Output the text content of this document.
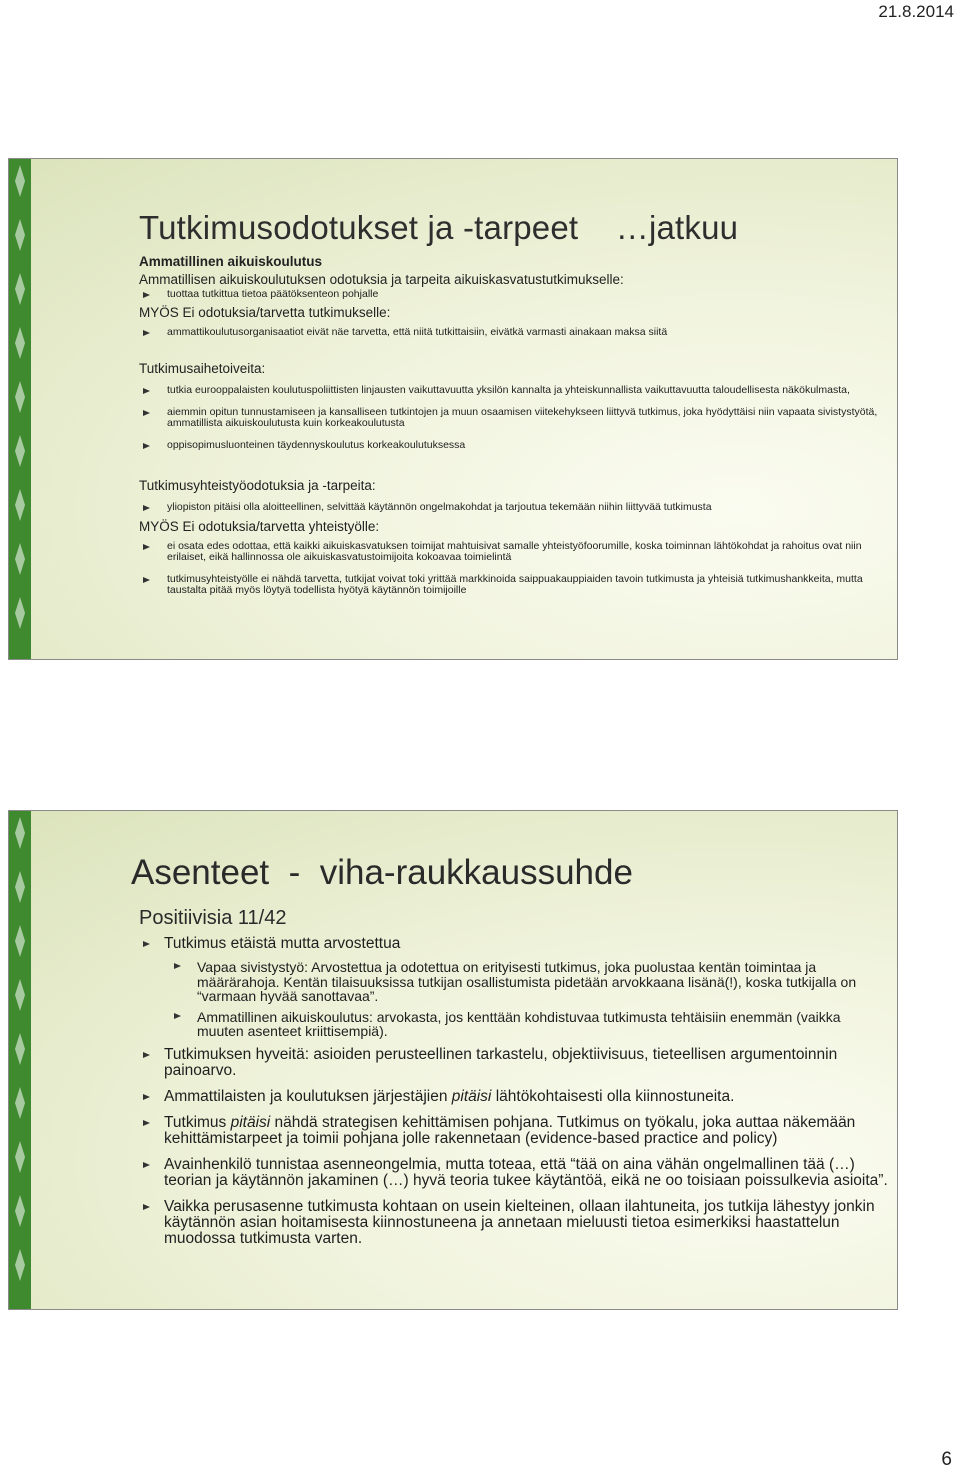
21.8.2014
Tutkimusodotukset ja -tarpeet    …jatkuu

Ammatillinen aikuiskoulutus

Ammatillisen aikuiskoulutuksen odotuksia ja tarpeita aikuiskasvatustutkimukselle:

tuottaa tutkittua tietoa päätöksenteon pohjalle

MYÖS Ei odotuksia/tarvetta tutkimukselle:

ammattikoulutusorganisaatiot eivät näe tarvetta, että niitä tutkittaisiin, eivätkä varmasti ainakaan maksa siitä

Tutkimusaihetoiveita:

tutkia eurooppalaisten koulutuspoliittisten linjausten vaikuttavuutta yksilön kannalta ja yhteiskunnallista vaikuttavuutta taloudellisesta näkökulmasta,
aiemmin opitun tunnustamiseen ja kansalliseen tutkintojen ja muun osaamisen viitekehykseen liittyvä tutkimus, joka hyödyttäisi niin vapaata sivistystyötä, ammatillista aikuiskoulutusta kuin korkeakoulutusta
oppisopimusluonteinen täydennyskoulutus korkeakoulutuksessa

Tutkimusyhteistyöodotuksia ja -tarpeita:

yliopiston pitäisi olla aloitteellinen, selvittää käytännön ongelmakohdat ja tarjoutua tekemään niihin liittyvää tutkimusta

MYÖS Ei odotuksia/tarvetta yhteistyölle:

ei osata edes odottaa, että kaikki aikuiskasvatuksen toimijat mahtuisivat samalle yhteistyöfoorumille, koska toiminnan lähtökohdat ja rahoitus ovat niin erilaiset, eikä hallinnossa ole aikuiskasvatustoimijoita kokoavaa toimielintä
tutkimusyhteistyölle ei nähdä tarvetta, tutkijat voivat toki yrittää markkinoida saippuakauppiaiden tavoin tutkimusta ja yhteisiä tutkimushankkeita, mutta taustalta pitää myös löytyä todellista hyötyä käytännön toimijoille
Asenteet  -  viha-raukkaussuhde

Positiivisia 11/42

Tutkimus etäistä mutta arvostettua
Vapaa sivistystyö: Arvostettua ja odotettua on erityisesti tutkimus, joka puolustaa kentän toimintaa ja määrärahoja. Kentän tilaisuuksissa tutkijan osallistumista pidetään arvokkaana lisänä(!), koska tutkijalla on “varmaan hyvää sanottavaa”.
Ammatillinen aikuiskoulutus: arvokasta, jos kenttään kohdistuvaa tutkimusta tehtäisiin enemmän (vaikka muuten asenteet kriittisempiä).
Tutkimuksen hyveitä: asioiden perusteellinen tarkastelu, objektiivisuus, tieteellisen argumentoinnin painoarvo.
Ammattilaisten ja koulutuksen järjestäjien pitäisi lähtökohtaisesti olla kiinnostuneita.
Tutkimus pitäisi nähdä strategisen kehittämisen pohjana. Tutkimus on työkalu, joka auttaa näkemään kehittämistarpeet ja toimii pohjana jolle rakennetaan (evidence-based practice and policy)
Avainhenkilö tunnistaa asenneongelmia, mutta toteaa, että “tää on aina vähän ongelmallinen tää (…) teorian ja käytännön jakaminen (…) hyvä teoria tukee käytäntöä, eikä ne oo toisiaan poissulkevia asioita”.
Vaikka perusasenne tutkimusta kohtaan on usein kielteinen, ollaan ilahtuneita, jos tutkija lähestyy jonkin käytännön asian hoitamisesta kiinnostuneena ja annetaan mieluusti tietoa esimerkiksi haastattelun muodossa tutkimusta varten.
6
